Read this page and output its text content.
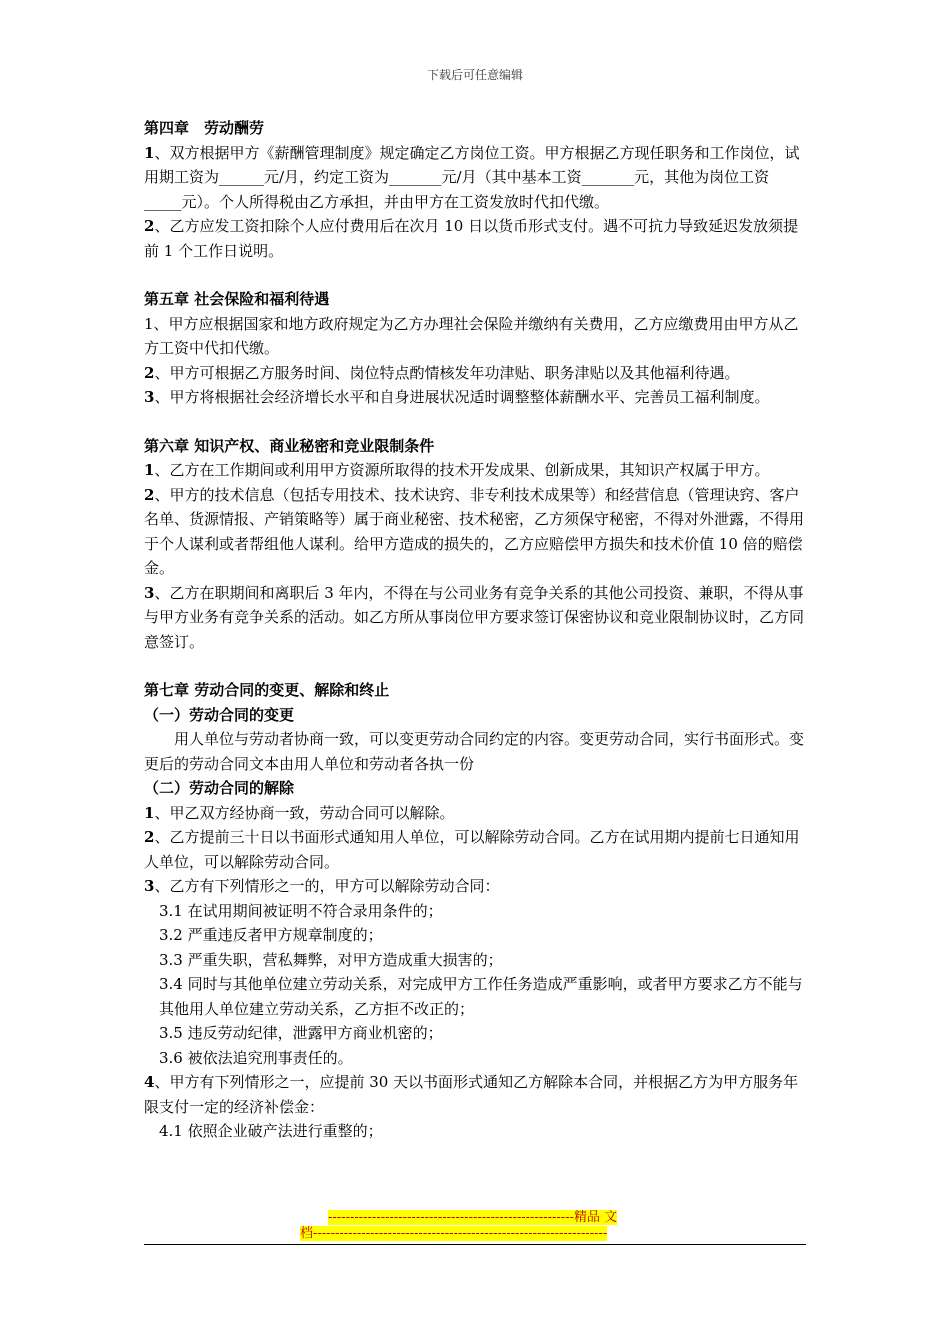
下载后可任意编辑

第四章　劳动酬劳

1、双方根据甲方《薪酬管理制度》规定确定乙方岗位工资。甲方根据乙方现任职务和工作岗位，试用期工资为______元/月，约定工资为_______元/月（其中基本工资_______元，其他为岗位工资_____元）。个人所得税由乙方承担，并由甲方在工资发放时代扣代缴。

2、乙方应发工资扣除个人应付费用后在次月 10 日以货币形式支付。遇不可抗力导致延迟发放须提前 1 个工作日说明。

第五章 社会保险和福利待遇

1、甲方应根据国家和地方政府规定为乙方办理社会保险并缴纳有关费用，乙方应缴费用由甲方从乙方工资中代扣代缴。

2、甲方可根据乙方服务时间、岗位特点酌情核发年功津贴、职务津贴以及其他福利待遇。

3、甲方将根据社会经济增长水平和自身进展状况适时调整整体薪酬水平、完善员工福利制度。

第六章 知识产权、商业秘密和竞业限制条件

1、乙方在工作期间或利用甲方资源所取得的技术开发成果、创新成果，其知识产权属于甲方。

2、甲方的技术信息（包括专用技术、技术诀窍、非专利技术成果等）和经营信息（管理诀窍、客户名单、货源情报、产销策略等）属于商业秘密、技术秘密，乙方须保守秘密，不得对外泄露，不得用于个人谋利或者帮组他人谋利。给甲方造成的损失的，乙方应赔偿甲方损失和技术价值 10 倍的赔偿金。

3、乙方在职期间和离职后 3 年内，不得在与公司业务有竞争关系的其他公司投资、兼职，不得从事与甲方业务有竞争关系的活动。如乙方所从事岗位甲方要求签订保密协议和竞业限制协议时，乙方同意签订。

第七章 劳动合同的变更、解除和终止

（一）劳动合同的变更

用人单位与劳动者协商一致，可以变更劳动合同约定的内容。变更劳动合同，实行书面形式。变更后的劳动合同文本由用人单位和劳动者各执一份

（二）劳动合同的解除

1、甲乙双方经协商一致，劳动合同可以解除。

2、乙方提前三十日以书面形式通知用人单位，可以解除劳动合同。乙方在试用期内提前七日通知用人单位，可以解除劳动合同。

3、乙方有下列情形之一的，甲方可以解除劳动合同：

3.1 在试用期间被证明不符合录用条件的；

3.2 严重违反者甲方规章制度的；

3.3 严重失职，营私舞弊，对甲方造成重大损害的；

3.4 同时与其他单位建立劳动关系，对完成甲方工作任务造成严重影响，或者甲方要求乙方不能与其他用人单位建立劳动关系，乙方拒不改正的；

3.5 违反劳动纪律，泄露甲方商业机密的；

3.6 被依法追究刑事责任的。

4、甲方有下列情形之一，应提前 30 天以书面形式通知乙方解除本合同，并根据乙方为甲方服务年限支付一定的经济补偿金：

4.1 依照企业破产法进行重整的；

--------------------------------------------------------精品 文
档-------------------------------------------------------------------
